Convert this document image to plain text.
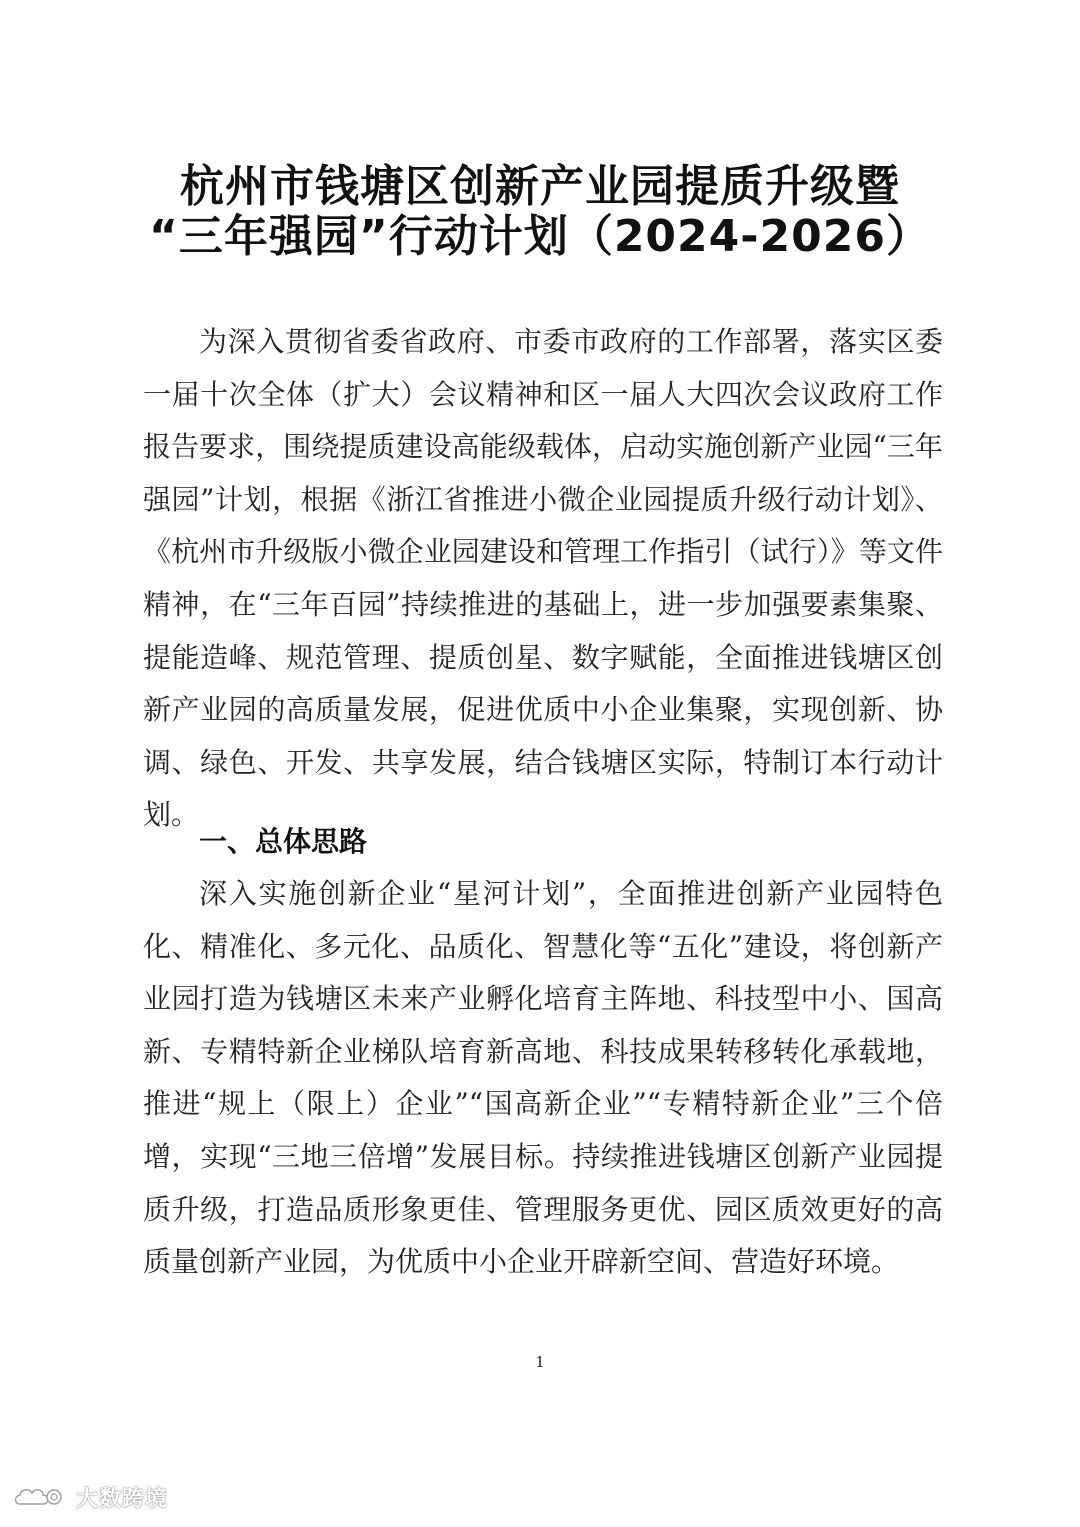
杭州市钱塘区创新产业园提质升级暨
“三年强园”行动计划（2024-2026）

为深入贯彻省委省政府、市委市政府的工作部署，落实区委一届十次全体（扩大）会议精神和区一届人大四次会议政府工作报告要求，围绕提质建设高能级载体，启动实施创新产业园“三年强园”计划，根据《浙江省推进小微企业园提质升级行动计划》、《杭州市升级版小微企业园建设和管理工作指引（试行）》等文件精神，在“三年百园”持续推进的基础上，进一步加强要素集聚、提能造峰、规范管理、提质创星、数字赋能，全面推进钱塘区创新产业园的高质量发展，促进优质中小企业集聚，实现创新、协调、绿色、开发、共享发展，结合钱塘区实际，特制订本行动计划。

一、总体思路

深入实施创新企业“星河计划”，全面推进创新产业园特色化、精准化、多元化、品质化、智慧化等“五化”建设，将创新产业园打造为钱塘区未来产业孵化培育主阵地、科技型中小、国高新、专精特新企业梯队培育新高地、科技成果转移转化承载地，推进“规上（限上）企业”“国高新企业”“专精特新企业”三个倍增，实现“三地三倍增”发展目标。持续推进钱塘区创新产业园提质升级，打造品质形象更佳、管理服务更优、园区质效更好的高质量创新产业园，为优质中小企业开辟新空间、营造好环境。

1
大数跨境
